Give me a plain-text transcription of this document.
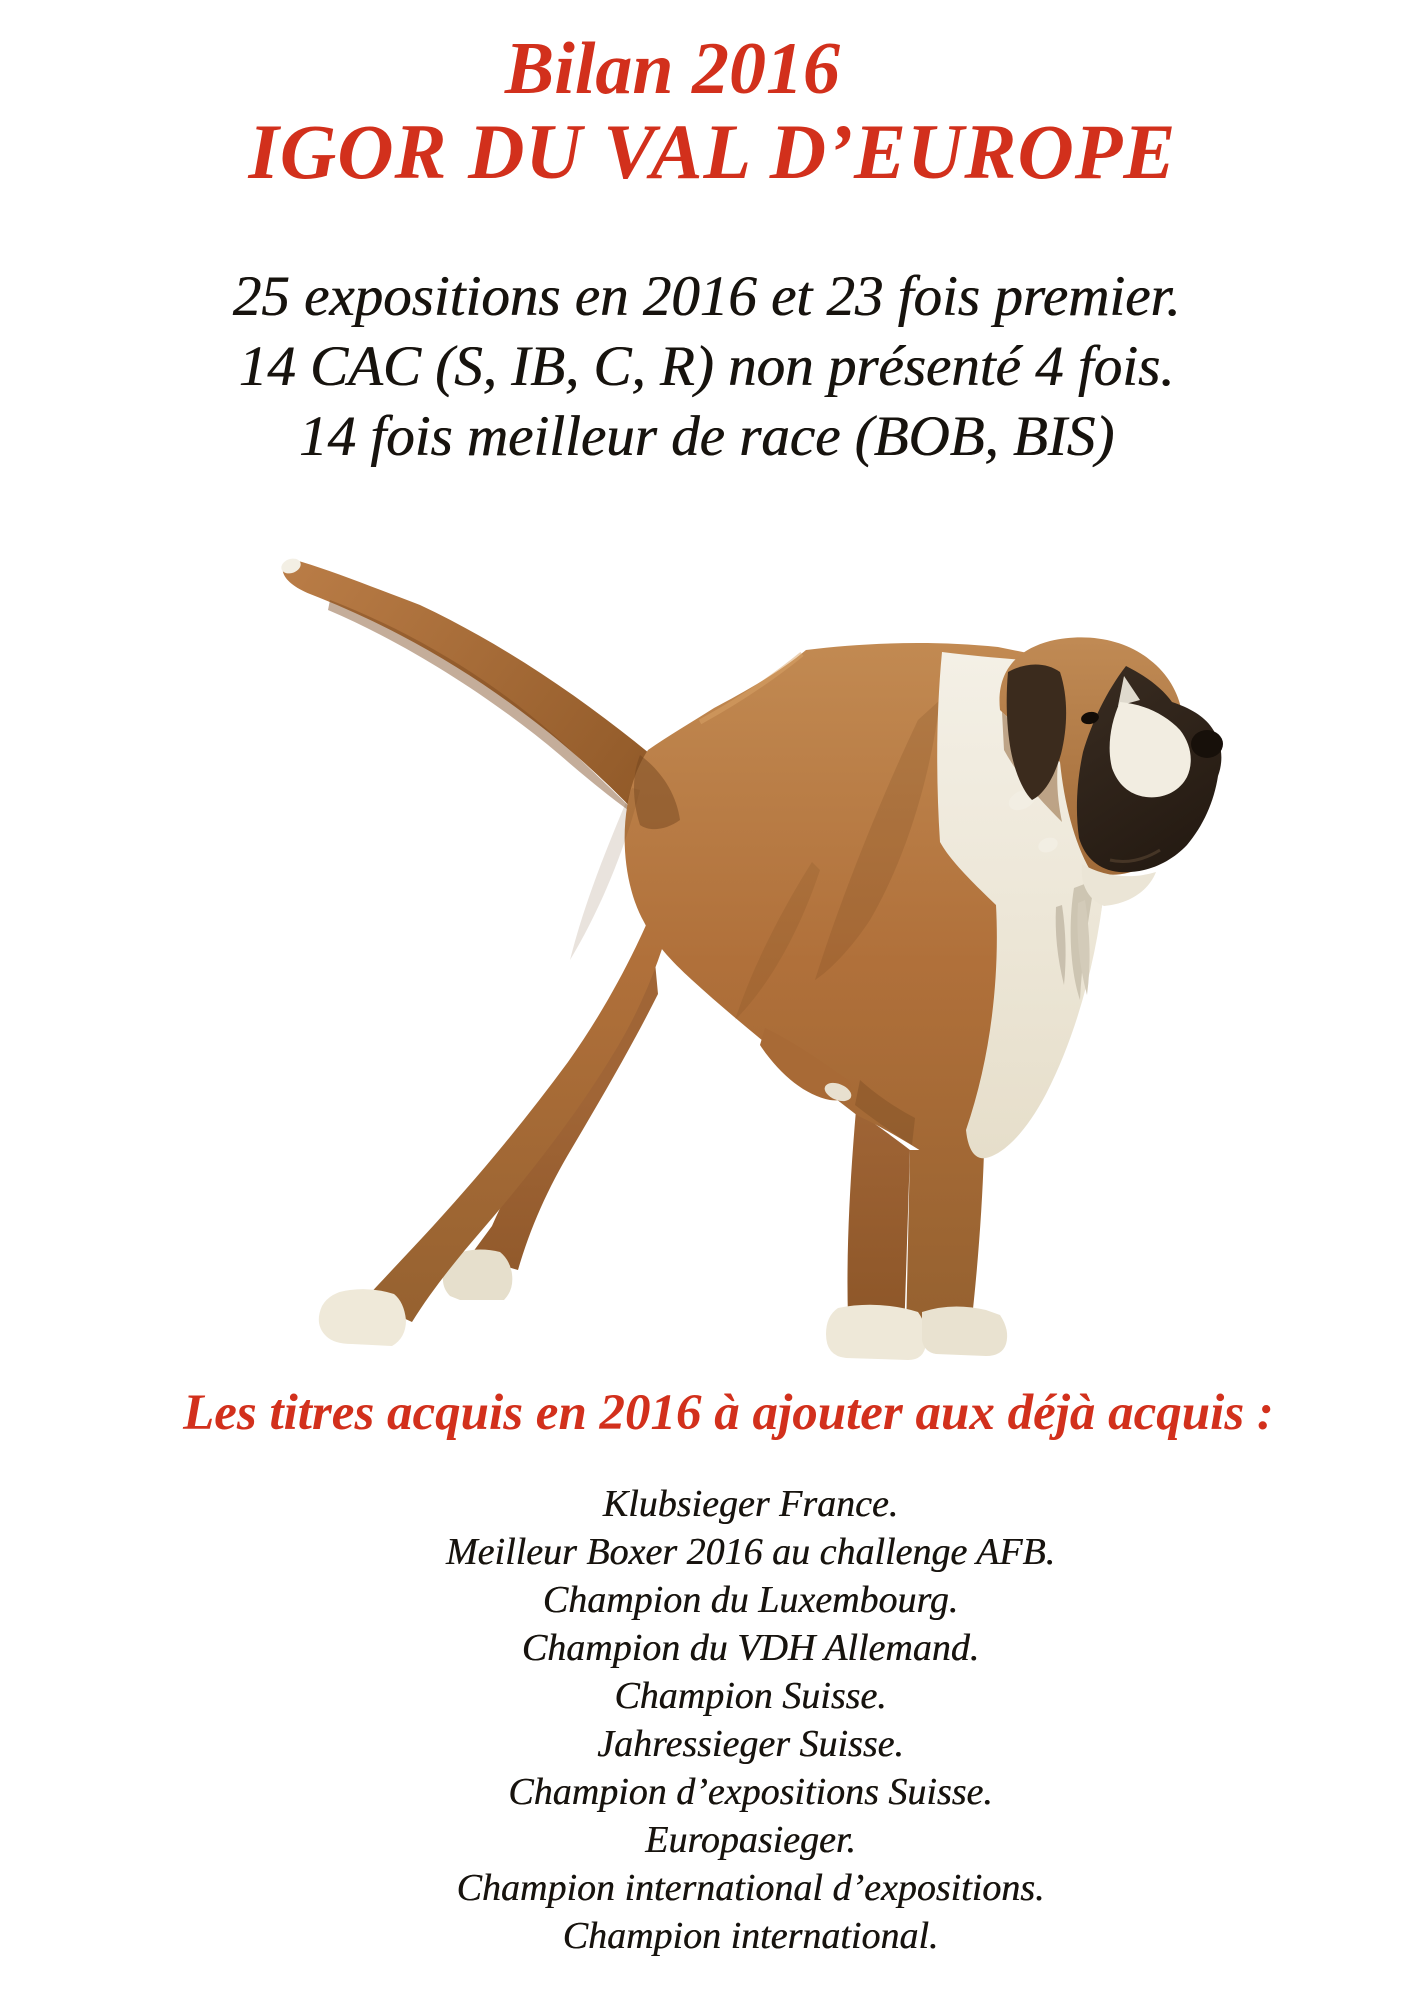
Bilan 2016
IGOR DU VAL D’EUROPE
25 expositions en 2016 et 23 fois premier.
14 CAC (S, IB, C, R) non présenté 4 fois.
14 fois meilleur de race (BOB, BIS)
Les titres acquis en 2016 à ajouter aux déjà acquis :
Klubsieger France.
Meilleur Boxer 2016 au challenge AFB.
Champion du Luxembourg.
Champion du VDH Allemand.
Champion Suisse.
Jahressieger Suisse.
Champion d’expositions Suisse.
Europasieger.
Champion international d’expositions.
Champion international.
